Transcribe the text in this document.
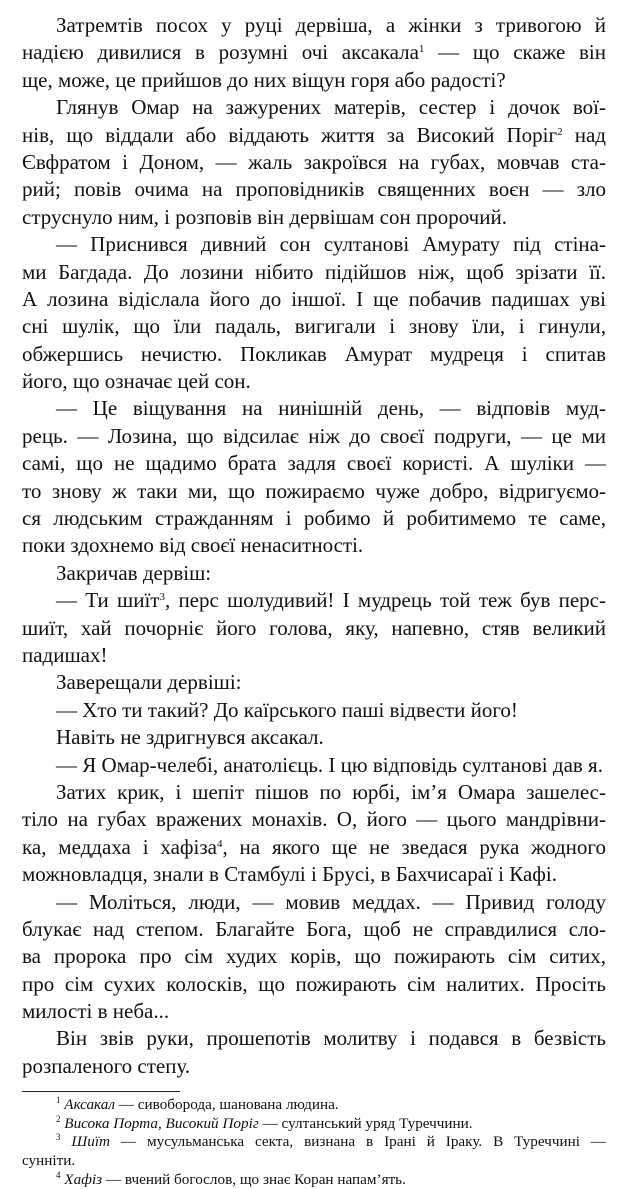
Затремтів посох у руці дервіша, а жінки з тривогою й
надією дивилися в розумні очі аксакала$^1$ — що скаже він
ще, може, це прийшов до них віщун горя або радості?
Глянув Омар на зажурених матерів, сестер і дочок вої-
нів, що віддали або віддають життя за Високий Поріг$^2$ над
Євфратом і Доном, — жаль закроївся на губах, мовчав ста-
рий; повів очима на проповідників священних воєн — зло
струснуло ним, і розповів він дервішам сон пророчий.
— Приснився дивний сон султанові Амурату під стіна-
ми Багдада. До лозини нібито підійшов ніж, щоб зрізати її.
А лозина відіслала його до іншої. І ще побачив падишах уві
сні шулік, що їли падаль, вигигали і знову їли, і гинули,
обжершись нечистю. Покликав Амурат мудреця і спитав
його, що означає цей сон.
— Це віщування на нинішній день, — відповів муд-
рець. — Лозина, що відсилає ніж до своєї подруги, — це ми
самі, що не щадимо брата задля своєї користі. А шуліки —
то знову ж таки ми, що пожираємо чуже добро, відригуємо-
ся людським стражданням і робимо й робитимемо те саме,
поки здохнемо від своєї ненаситності.
Закричав дервіш:
— Ти шиїт$^3$, перс шолудивий! І мудрець той теж був перс-
шиїт, хай почорніє його голова, яку, напевно, стяв великий
падишах!
Заверещали дервіші:
— Хто ти такий? До каїрського паші відвести його!
Навіть не здригнувся аксакал.
— Я Омар-челебі, анатолієць. І цю відповідь султанові дав я.
Затих крик, і шепіт пішов по юрбі, ім’я Омара зашелес-
тіло на губах вражених монахів. О, його — цього мандрівни-
ка, меддаха і хафіза$^4$, на якого ще не зведася рука жодного
можновладця, знали в Стамбулі і Брусі, в Бахчисараї і Кафі.
— Моліться, люди, — мовив меддах. — Привид голоду
блукає над степом. Благайте Бога, щоб не справдилися сло-
ва пророка про сім худих корів, що пожирають сім ситих,
про сім сухих колосків, що пожирають сім налитих. Просіть
милості в неба...
Він звів руки, прошепотів молитву і подався в безвість
розпаленого степу.
$^1$ Аксакал — сивобородa, шанована людина.
$^2$ Висока Порта, Високий Поріг — султанський уряд Туреччини.
$^3$ Шиїт — мусульманська секта, визнана в Ірані й Іраку. В Туреччині —
сунніти.
$^4$ Хафіз — вчений богослов, що знає Коран напам’ять.
